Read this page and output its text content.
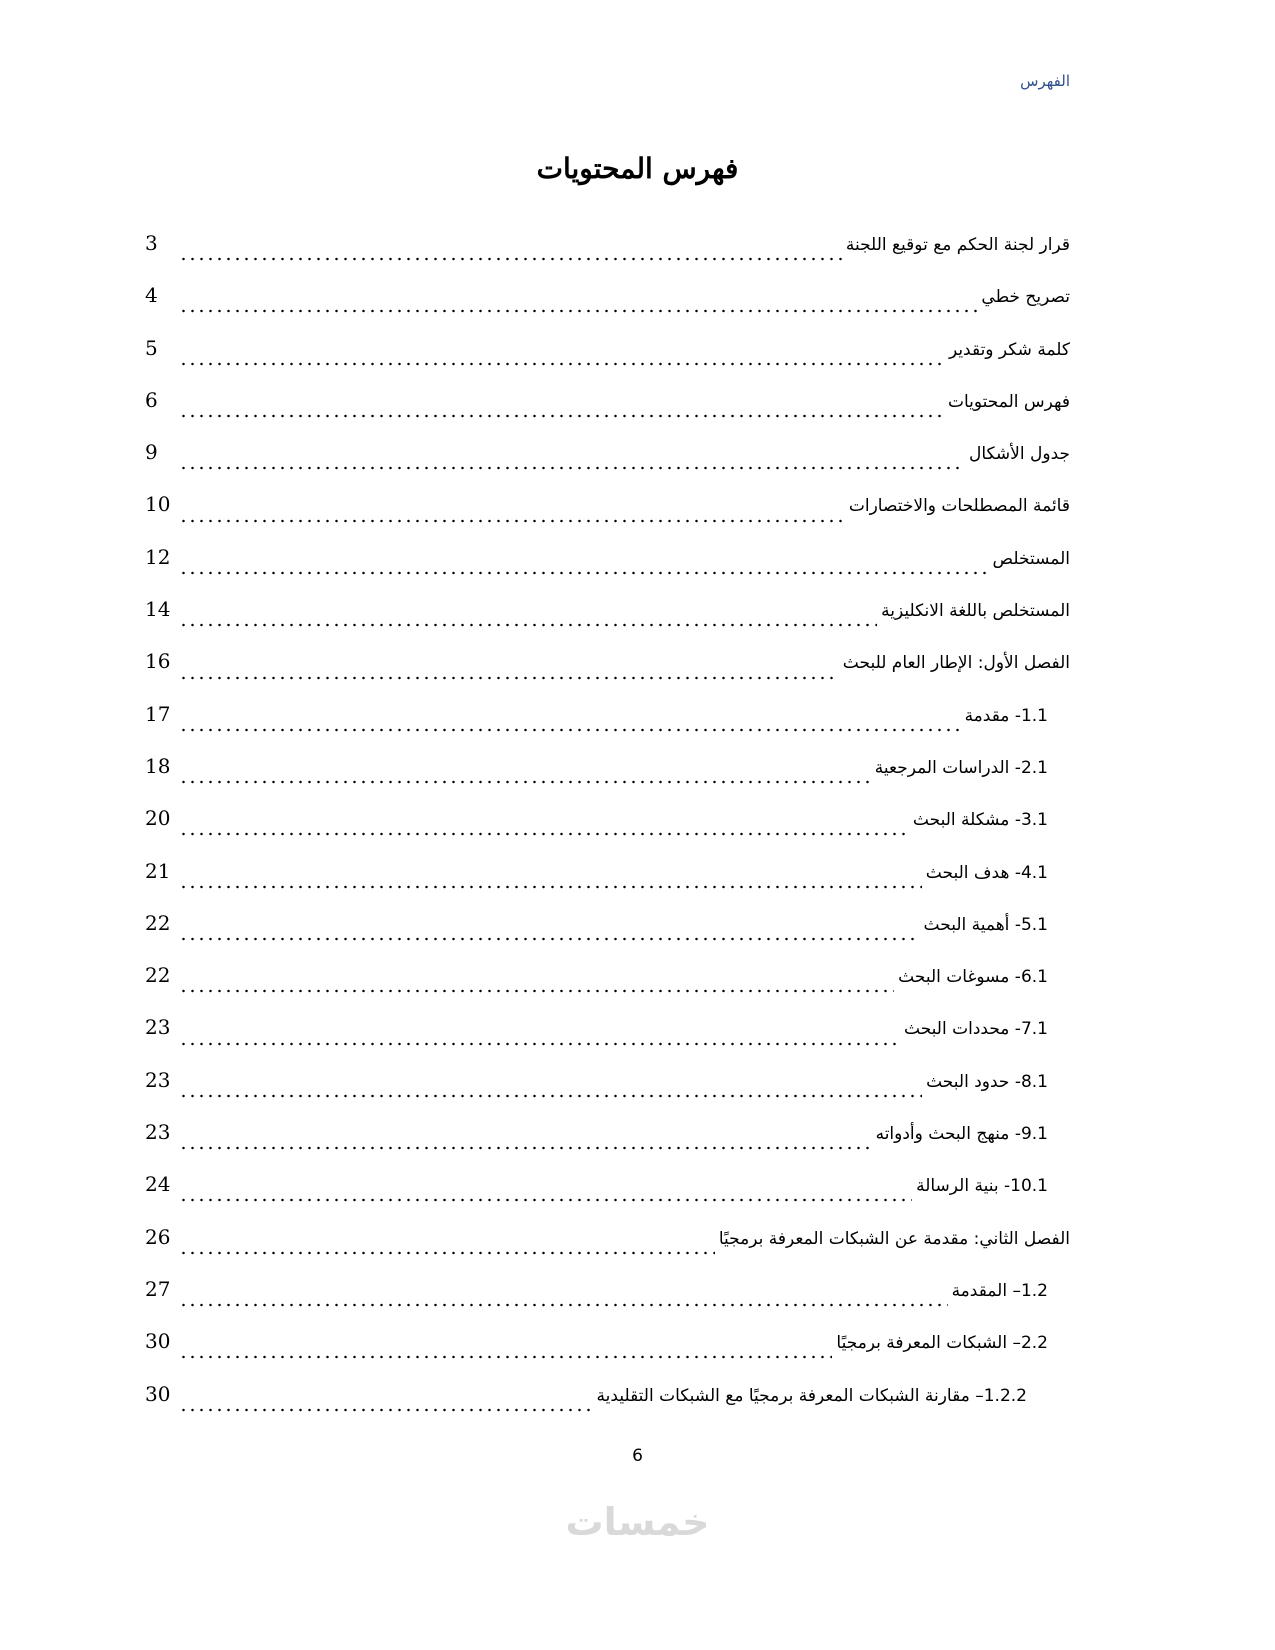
الفهرس
فهرس المحتويات
قرار لجنة الحكم مع توقيع اللجنة
3
تصريح خطي
4
كلمة شكر وتقدير
5
فهرس المحتويات
6
جدول الأشكال
9
قائمة المصطلحات والاختصارات
10
المستخلص
12
المستخلص باللغة الانكليزية
14
الفصل الأول: الإطار العام للبحث
16
1.1- مقدمة
17
2.1- الدراسات المرجعية
18
3.1- مشكلة البحث
20
4.1- هدف البحث
21
5.1- أهمية البحث
22
6.1- مسوغات البحث
22
7.1- محددات البحث
23
8.1- حدود البحث
23
9.1- منهج البحث وأدواته
23
10.1- بنية الرسالة
24
الفصل الثاني: مقدمة عن الشبكات المعرفة برمجيًا
26
1.2– المقدمة
27
2.2– الشبكات المعرفة برمجيًا
30
1.2.2– مقارنة الشبكات المعرفة برمجيًا مع الشبكات التقليدية
30
6
خمسات
